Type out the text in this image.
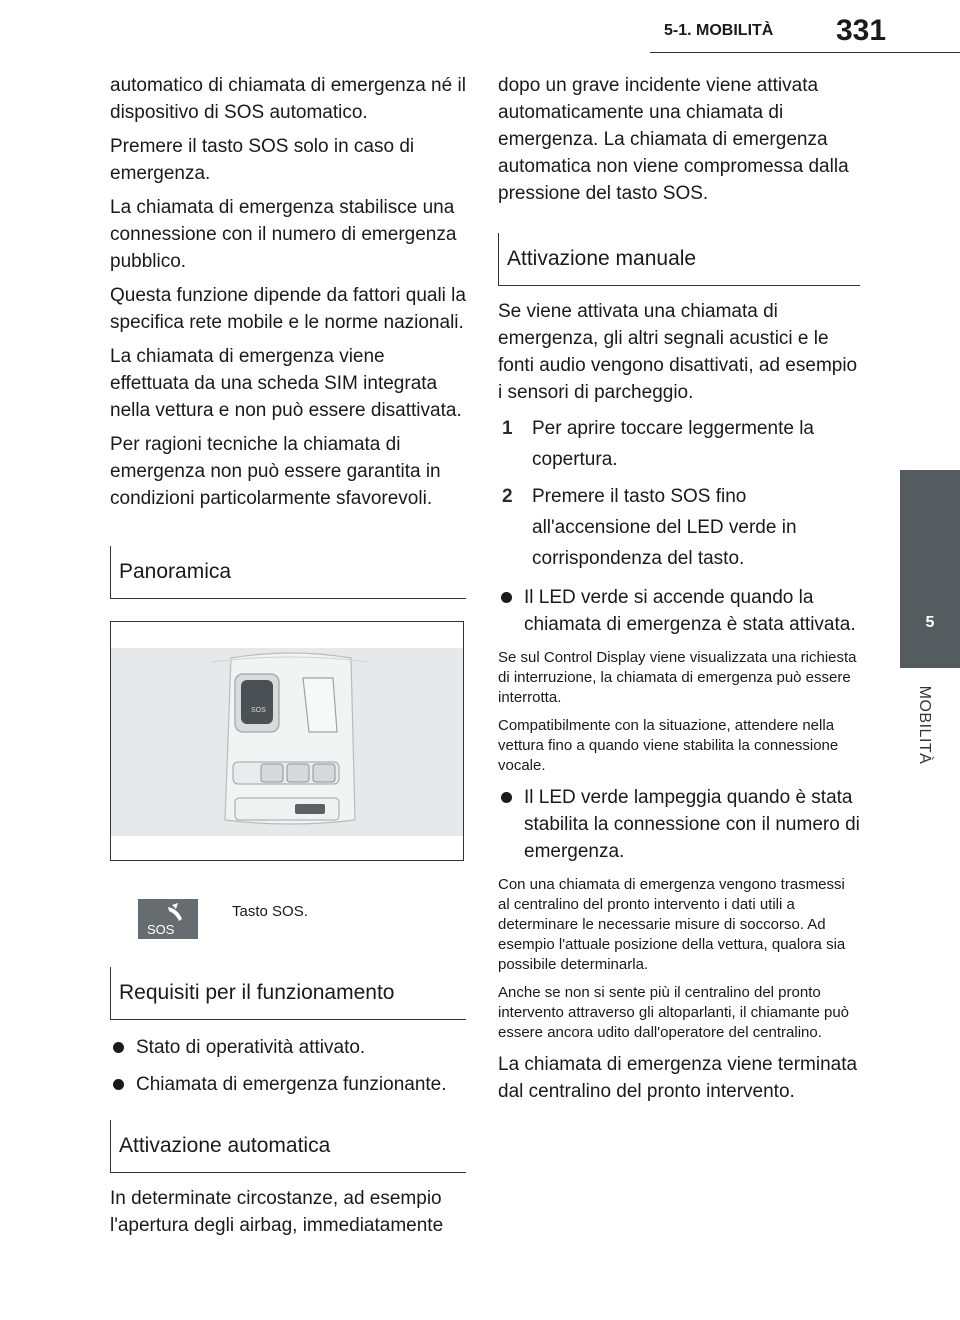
5-1. MOBILITÀ 331
5
MOBILITÀ

automatico di chiamata di emergenza né il dispositivo di SOS automatico.

Premere il tasto SOS solo in caso di emergenza.

La chiamata di emergenza stabilisce una connessione con il numero di emergenza pubblico.

Questa funzione dipende da fattori quali la specifica rete mobile e le norme nazionali.

La chiamata di emergenza viene effettuata da una scheda SIM integrata nella vettura e non può essere disattivata.

Per ragioni tecniche la chiamata di emergenza non può essere garantita in condizioni particolarmente sfavorevoli.

Panoramica
SOS
SOS
Tasto SOS.
Requisiti per il funzionamento
Stato di operatività attivato.
Chiamata di emergenza funzionante.
Attivazione automatica

In determinate circostanze, ad esempio l'apertura degli airbag, immediatamente

dopo un grave incidente viene attivata automaticamente una chiamata di emergenza. La chiamata di emergenza automatica non viene compromessa dalla pressione del tasto SOS.

Attivazione manuale

Se viene attivata una chiamata di emergenza, gli altri segnali acustici e le fonti audio vengono disattivati, ad esempio i sensori di parcheggio.

1 Per aprire toccare leggermente la copertura.
2 Premere il tasto SOS fino all'accensione del LED verde in corrispondenza del tasto.
Il LED verde si accende quando la chiamata di emergenza è stata attivata.

Se sul Control Display viene visualizzata una richiesta di interruzione, la chiamata di emergenza può essere interrotta.

Compatibilmente con la situazione, attendere nella vettura fino a quando viene stabilita la connessione vocale.

Il LED verde lampeggia quando è stata stabilita la connessione con il numero di emergenza.

Con una chiamata di emergenza vengono trasmessi al centralino del pronto intervento i dati utili a determinare le necessarie misure di soccorso. Ad esempio l'attuale posizione della vettura, qualora sia possibile determinarla.

Anche se non si sente più il centralino del pronto intervento attraverso gli altoparlanti, il chiamante può essere ancora udito dall'operatore del centralino.

La chiamata di emergenza viene terminata dal centralino del pronto intervento.
